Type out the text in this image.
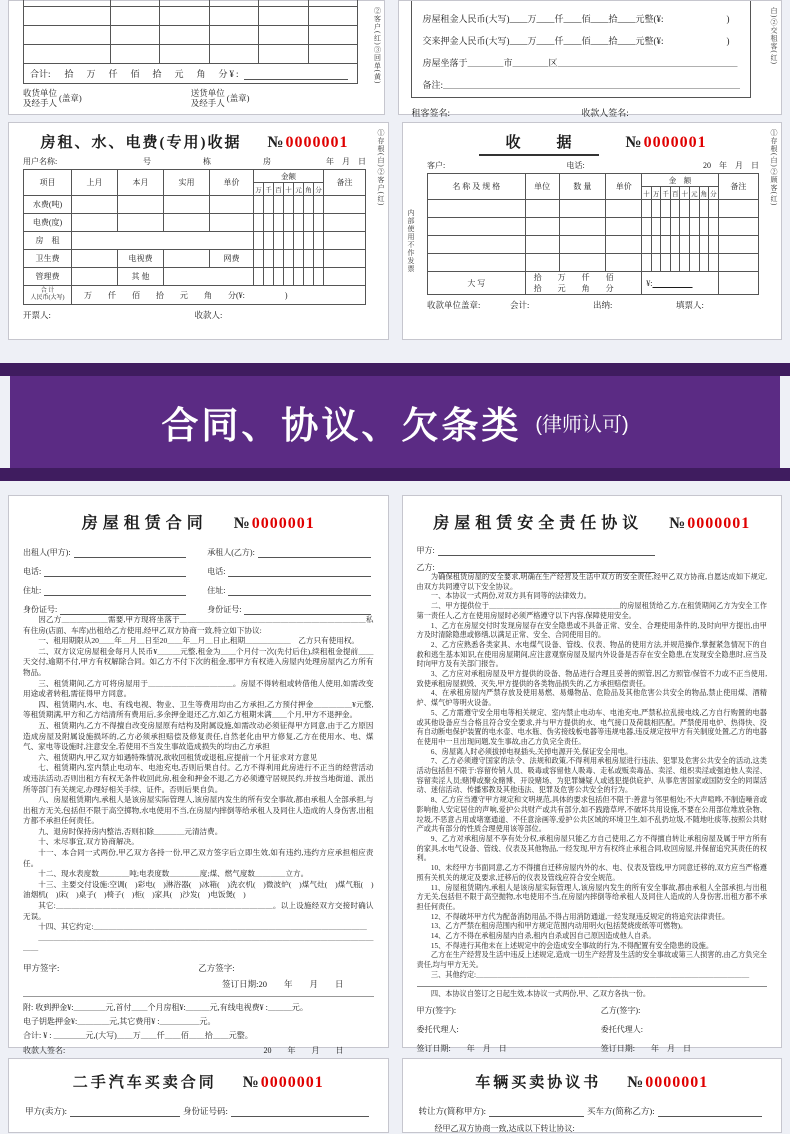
合计: 拾　万　仟　佰　拾　元　角　分¥:
收货单位
及经手人 (盖章)	送货单位
及经手人 (盖章)
②客户(红)③回单(黄)	房屋租金人民币(大写)____万____仟____佰____拾____元整(¥:　　　　　　　)
交来押金人民币(大写)____万____仟____佰____拾____元整(¥:　　　　　　　)
房屋坐落于＿＿＿＿市＿＿＿＿区＿＿＿＿＿＿＿＿＿＿＿＿＿＿＿＿＿＿＿＿
备注:＿＿＿＿＿＿＿＿＿＿＿＿＿＿＿＿＿＿＿＿＿＿＿＿＿＿＿＿＿＿＿＿＿
租客签名:	收款人签名:
白)②交租客(红)
房租、水、电费(专用)收据 № 0000001
用户名称:	号	栋	房	年　月　日
项目	上月	本月	实用	单价	金额							备注
					万	千	百	十	元	角	分	
水费(吨)												
电费(度)												
房　租												
卫生费		电视费		网费								
管理费		其 他										
合 计
人民币(大写)	万　　仟　　佰　　拾　　元　　角　　分(¥:　　　　　)											
开票人:	收款人:
①存根(白)②客户(红)	收　　据	№ 0000001
客户:	电话:	20　年　月　日
名 称 及 规 格	单位	数 量	单价	金　额								备注
				十	万	千	百	十	元	角	分	

大 写	拾　万　仟　佰　拾　元　角　分			¥:							　　　　　	
收款单位盖章:	会计:	出纳:	填票人:
内部使用不作发票
①存根(白)②顾客(红)
合同、协议、欠条类 (律师认可)
房屋租赁合同 № 0000001
出租人(甲方):	承租人(乙方):
电话:	电话:
住址:	住址:
身份证号:	身份证号:

因乙方＿＿＿＿＿＿需要,甲方现将坐落于＿＿＿＿＿＿＿＿＿＿＿＿＿＿＿＿＿＿＿＿＿＿＿＿私有住房(店面、车库)出租给乙方使用,经甲乙双方协商一致,特立如下协议:

一、租用期限从20＿＿年＿月＿日至20＿＿年＿月＿日止,租期＿＿＿＿＿＿　乙方只有使用权。

二、双方议定房屋租金每月人民币¥＿＿＿元整,租金为＿＿个月付一次(先付后住),续租租金提前＿＿天交付,逾期不付,甲方有权解除合同。如乙方不付下次的租金,那甲方有权进入房屋内处理房屋内乙方所有物品。

三、租赁期间,乙方可将房屋用于＿＿＿＿＿＿＿＿＿＿＿。房屋不得转租或转借他人使用,如需改变用途或者转租,需征得甲方同意。

四、租赁期内,水、电、有线电视、物业、卫生等费用均由乙方承担,乙方预付押金＿＿＿＿＿¥元整,等租赁期满,甲方和乙方结清所有费用后,多余押金退还乙方,如乙方租期未满＿＿个月,甲方不退押金。

五、租赁期内,乙方不得擅自改变房屋原有结构及附属设施,如需改动必须征得甲方同意,由于乙方原因造成房屋及附属设施损坏的,乙方必须承担赔偿及修复责任,自然老化由甲方修复,乙方在使用水、电、煤气、家电等设施时,注意安全,若使用不当发生事故造成损失的均由乙方承担

六、租赁期内,甲乙双方如遇特殊情况,欲收回租赁或退租,应提前一个月征求对方意见

七、租赁期内,室内禁止电动车、电池充电,否则后果自付。乙方不得利用此房进行不正当的经营活动或违法活动,否则出租方有权无条件收回此房,租金和押金不退,乙方必须遵守居规民约,并按当地街道、派出所等部门有关规定,办理好相关手续、证件。否则后果自负。

八、房屋租赁期内,承租人是该房屋实际管理人,该房屋内发生的所有安全事故,都由承租人全部承担,与出租方无关,包括但不限于高空掷物,水电使用不当,在房屋内摔倒等给承租人及同住人造成的人身伤害,出租方都不承担任何责任。

九、退房时保持房内整洁,否则扣除＿＿＿＿元清洁费。

十、未尽事宜,双方协商解决。

十一、本合同一式两份,甲乙双方各持一份,甲乙双方签字后立即生效,如有违约,违约方应承担相应责任。

十二、现水表度数＿＿＿＿吨;电表度数＿＿＿＿度;煤、燃气度数＿＿＿＿立方。

十三、主要交付设施:空调(　)彩电(　)淋浴器(　)冰箱(　)洗衣机(　)微波炉(　)煤气灶(　)煤气瓶(　)油烟机(　)床(　)桌子(　)椅子(　)柜(　)家具(　)沙发(　)电饭煲(　)

其它:＿＿＿＿＿＿＿＿＿＿＿＿＿＿＿＿＿＿＿＿＿＿＿＿＿＿＿＿。以上设施经双方交接时确认无误。

十四、其它约定:＿＿＿＿＿＿＿＿＿＿＿＿＿＿＿＿＿＿＿＿＿＿＿＿＿＿＿＿＿＿＿＿＿＿＿＿

＿＿＿＿＿＿＿＿＿＿＿＿＿＿＿＿＿＿＿＿＿＿＿＿＿＿＿＿＿＿＿＿＿＿＿＿＿＿＿＿＿＿＿＿＿＿

甲方签字:	乙方签字:
签订日期:20　　年　　月　　日

附: 收到押金¥:＿＿＿＿元,首付＿＿个月房租¥:＿＿＿元,有线电视费¥ :＿＿＿元。

电子钥匙押金¥:＿＿＿＿元,其它费用¥ :＿＿＿＿＿元。

合计: ¥ : ＿＿＿＿元,(大写)＿＿万＿＿仟＿＿佰＿＿拾＿＿元整。

收款人签名:	20　　年　　月　　日
房屋租赁安全责任协议 № 0000001
甲方:
乙方:

为确保租赁房屋的安全要求,明确在生产经营及生活中双方的安全责任,经甲乙双方协商,自愿达成如下规定,由双方共同遵守以下安全协议。

一、本协议一式两份,对双方具有同等的法律效力。

二、甲方提供位于＿＿＿＿＿＿＿＿＿＿＿＿＿＿＿＿＿＿的房屋租赁给乙方,在租赁期间乙方为安全工作第一责任人,乙方在使用房屋时必须严格遵守以下内容,保障使用安全。

1、乙方在房屋交付时发现房屋存在安全隐患或不具备正常、安全、合理使用条件的,及时向甲方提出,由甲方及时清除隐患或修缮,以满足正常、安全、合同使用目的。

2、乙方应熟悉各类家具、水电煤气设备、管线、仪表、物品的使用方法,并规范操作,掌握紧急情况下的自救和逃生基本知识,在使用房屋期间,应注意观察房屋及屋内外设备是否存在安全隐患,在发现安全隐患时,应当及时向甲方及有关部门报告。

3、乙方应对承租房屋及甲方提供的设备、物品进行合理且妥善的照管,因乙方照管/保管不力或不正当使用,致使承租房屋损毁、灭失,甲方提供的各类物品损失的,乙方承担赔偿责任。

4、在承租房屋内严禁存放及使用易燃、易爆物品、危险品及其他危害公共安全的物品,禁止使用煤、酒精炉、煤气炉等明火设备。

5、乙方需遵守安全用电等相关规定、室内禁止电动车、电池充电,严禁私拉乱接电线,乙方自行购置的电器或其他设备应当合格且符合安全要求,并与甲方提供的水、电气接口及荷载相匹配。严禁使用电炉、热得快、没有自动断电保护装置的电水壶、电水瓶、伪劣接线板电器等违规电器,违反规定按甲方有关制度处置,乙方的电器在使用中一旦出现问题,发生事故,由乙方负完全责任。

6、房屋离人时必须拔掉电视插头,关掉电源开关,保证安全用电。

7、乙方必须遵守国家的法令、法规和政策,不得利用承租房屋进行违法、犯罪及危害公共安全的活动,这类活动包括但不限于:容留传销人员、吸毒或容留他人吸毒、走私或贩卖毒品、卖淫、组织卖淫或强迫他人卖淫、容留卖淫人员;赌博或聚众赌博、开设赌场、为犯罪嫌疑人或逃犯提供庇护、从事危害国家或国防安全的同谋活动、迷信活动、传播邪教及其他违法、犯罪及危害公共安全的行为。

8、乙方应当遵守甲方规定和文明规范,具体的要求包括但不限于:善意与邻里相处;不大声喧哗,不制造噪音或影响他人安定居住的声响,爱护公共财产或共有部分,如不践踏草坪,不破坏共用设施,不要在公用部位堆放杂物、垃圾,不恶意占用或堵塞通道、不任意涂画等,爱护公共区域的环境卫生,如不乱扔垃圾,不随地吐痰等,按照公共财产或共有部分的性质合理使用该等部位。

9、乙方对承租房屋不享有处分权,承租房屋只能乙方自己使用,乙方不得擅自转让承租房屋及属于甲方所有的家具,水电气设备、管线、仪表及其他物品,一经发现,甲方有权终止承租合同,收回房屋,并保留追究其责任的权利。

10、未经甲方书面同意,乙方不得擅自迁移房屋内外的水、电、仪表及管线,甲方同意迁移的,双方应当严格遵照有关机关的规定及要求,迁移后的仪表及管线应符合安全规范。

11、房屋租赁期内,承租人是该房屋实际管理人,该房屋内发生的所有安全事故,都由承租人全部承担,与出租方无关,包括但不限于高空抛物,水电使用不当,在房屋内摔倒等给承租人及同住人造成的人身伤害,出租方都不承担任何责任。

12、不得破坏甲方代为配备消防用品,不得占用消防通道,一经发现违反规定的将追究法律责任。

13、乙方严禁在租房范围内和甲方规定范围内动用明火(包括焚烧废纸等可燃物)。

14、乙方不得在承租房屋内自杀,租内自杀或因自己原因造成他人自杀。

15、不得进行其他未在上述规定中的会造成安全事故的行为,不得配置有安全隐患的设施。

乙方在生产经营及生活中违反上述规定,造成一切生产经营及生活的安全事故或第三人损害的,由乙方负完全责任,均与甲方无关。

三、其他约定:＿＿＿＿＿＿＿＿＿＿＿＿＿＿＿＿＿＿＿＿＿＿＿＿＿＿＿＿＿＿＿＿＿＿＿＿＿＿

四、本协议自签订之日起生效,本协议一式两份,甲、乙双方各执一份。

甲方(签字):	乙方(签字):
委托代理人:	委托代理人:
签订日期:　　年　月　日	签订日期:　　年　月　日
二手汽车买卖合同 № 0000001
甲方(卖方):	身份证号码:
车辆买卖协议书 № 0000001
转让方(简称甲方):	买车方(简称乙方):
经甲乙双方协商一致,达成以下转让协议:
